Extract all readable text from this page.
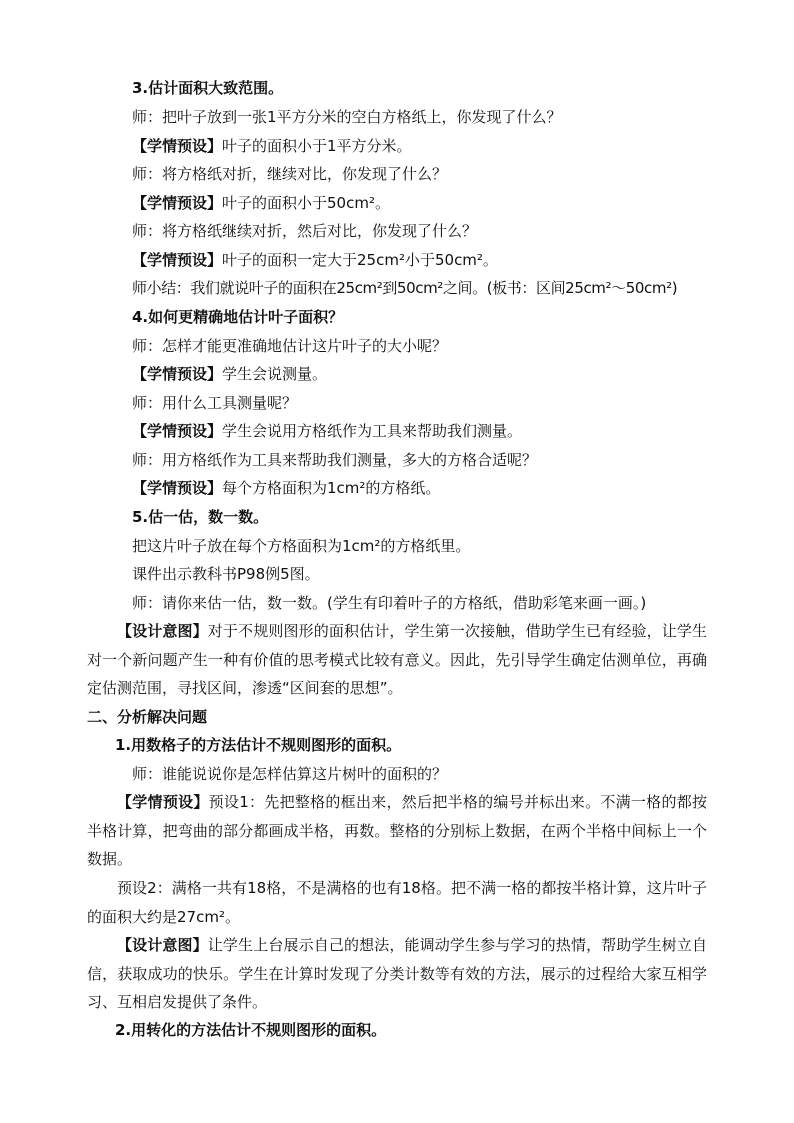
3.估计面积大致范围。
师：把叶子放到一张1平方分米的空白方格纸上，你发现了什么？
【学情预设】叶子的面积小于1平方分米。
师：将方格纸对折，继续对比，你发现了什么？
【学情预设】叶子的面积小于50cm²。
师：将方格纸继续对折，然后对比，你发现了什么？
【学情预设】叶子的面积一定大于25cm²小于50cm²。
师小结：我们就说叶子的面积在25cm²到50cm²之间。(板书：区间25cm²～50cm²)
4.如何更精确地估计叶子面积？
师：怎样才能更准确地估计这片叶子的大小呢？
【学情预设】学生会说测量。
师：用什么工具测量呢？
【学情预设】学生会说用方格纸作为工具来帮助我们测量。
师：用方格纸作为工具来帮助我们测量，多大的方格合适呢？
【学情预设】每个方格面积为1cm²的方格纸。
5.估一估，数一数。
把这片叶子放在每个方格面积为1cm²的方格纸里。
课件出示教科书P98例5图。
师：请你来估一估，数一数。(学生有印着叶子的方格纸，借助彩笔来画一画。)
【设计意图】对于不规则图形的面积估计，学生第一次接触，借助学生已有经验，让学生对一个新问题产生一种有价值的思考模式比较有意义。因此，先引导学生确定估测单位，再确定估测范围，寻找区间，渗透“区间套的思想”。
二、分析解决问题
1.用数格子的方法估计不规则图形的面积。
师：谁能说说你是怎样估算这片树叶的面积的？
【学情预设】预设1：先把整格的框出来，然后把半格的编号并标出来。不满一格的都按半格计算，把弯曲的部分都画成半格，再数。整格的分别标上数据，在两个半格中间标上一个数据。
预设2：满格一共有18格，不是满格的也有18格。把不满一格的都按半格计算，这片叶子的面积大约是27cm²。
【设计意图】让学生上台展示自己的想法，能调动学生参与学习的热情，帮助学生树立自信，获取成功的快乐。学生在计算时发现了分类计数等有效的方法，展示的过程给大家互相学习、互相启发提供了条件。
2.用转化的方法估计不规则图形的面积。
